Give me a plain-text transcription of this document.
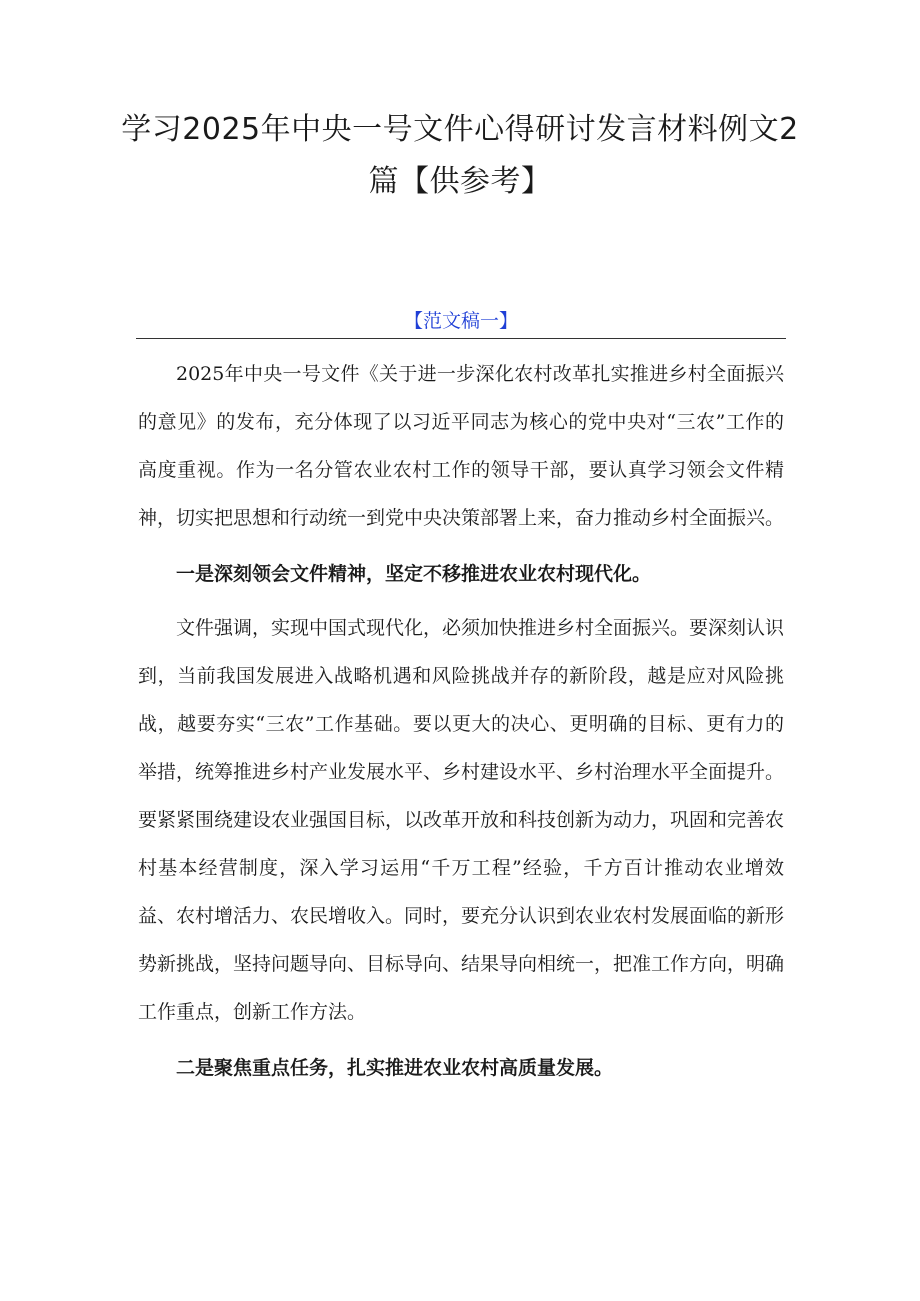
学习2025年中央一号文件心得研讨发言材料例文2
篇【供参考】
【范文稿一】

2025年中央一号文件《关于进一步深化农村改革扎实推进乡村全面振兴的意见》的发布，充分体现了以习近平同志为核心的党中央对“三农”工作的高度重视。作为一名分管农业农村工作的领导干部，要认真学习领会文件精神，切实把思想和行动统一到党中央决策部署上来，奋力推动乡村全面振兴。

一是深刻领会文件精神，坚定不移推进农业农村现代化。

文件强调，实现中国式现代化，必须加快推进乡村全面振兴。要深刻认识到，当前我国发展进入战略机遇和风险挑战并存的新阶段，越是应对风险挑战，越要夯实“三农”工作基础。要以更大的决心、更明确的目标、更有力的举措，统筹推进乡村产业发展水平、乡村建设水平、乡村治理水平全面提升。要紧紧围绕建设农业强国目标，以改革开放和科技创新为动力，巩固和完善农村基本经营制度，深入学习运用“千万工程”经验，千方百计推动农业增效益、农村增活力、农民增收入。同时，要充分认识到农业农村发展面临的新形势新挑战，坚持问题导向、目标导向、结果导向相统一，把准工作方向，明确工作重点，创新工作方法。

二是聚焦重点任务，扎实推进农业农村高质量发展。
